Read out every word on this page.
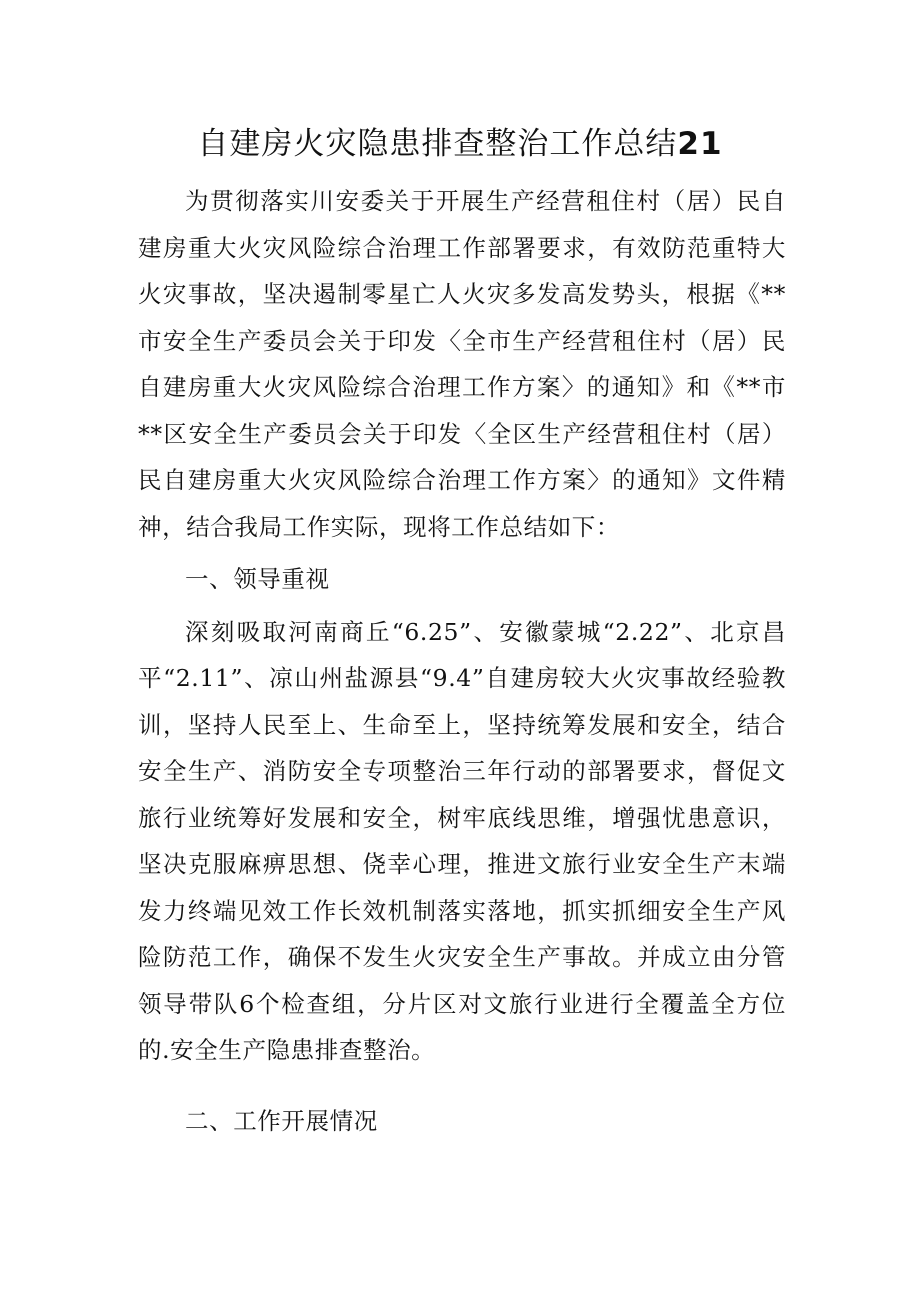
自建房火灾隐患排查整治工作总结21

为贯彻落实川安委关于开展生产经营租住村（居）民自建房重大火灾风险综合治理工作部署要求，有效防范重特大火灾事故，坚决遏制零星亡人火灾多发高发势头，根据《**市安全生产委员会关于印发〈全市生产经营租住村（居）民自建房重大火灾风险综合治理工作方案〉的通知》和《**市**区安全生产委员会关于印发〈全区生产经营租住村（居）民自建房重大火灾风险综合治理工作方案〉的通知》文件精神，结合我局工作实际，现将工作总结如下：

一、领导重视

深刻吸取河南商丘“6.25”、安徽蒙城“2.22”、北京昌平“2.11”、凉山州盐源县“9.4”自建房较大火灾事故经验教训，坚持人民至上、生命至上，坚持统筹发展和安全，结合安全生产、消防安全专项整治三年行动的部署要求，督促文旅行业统筹好发展和安全，树牢底线思维，增强忧患意识，坚决克服麻痹思想、侥幸心理，推进文旅行业安全生产末端发力终端见效工作长效机制落实落地，抓实抓细安全生产风险防范工作，确保不发生火灾安全生产事故。并成立由分管领导带队6个检查组，分片区对文旅行业进行全覆盖全方位的.安全生产隐患排查整治。

二、工作开展情况
